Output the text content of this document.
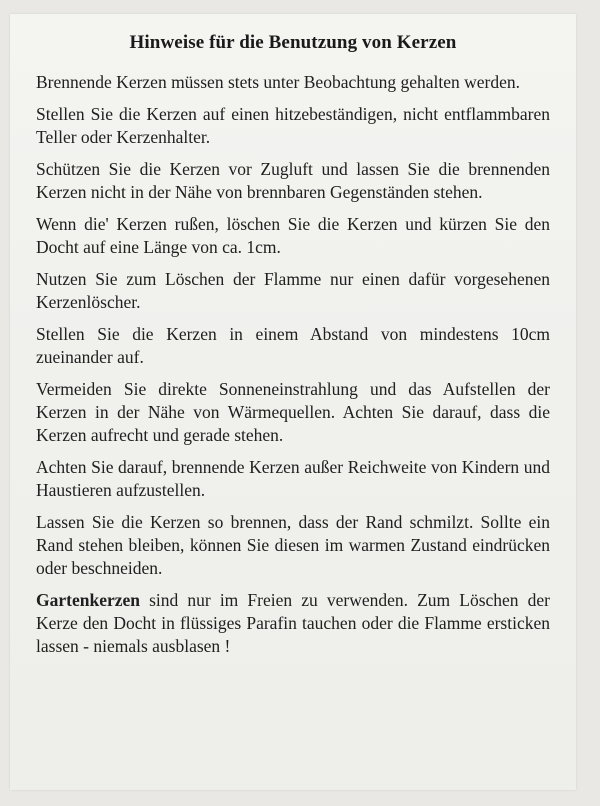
Hinweise für die Benutzung von Kerzen

Brennende Kerzen müssen stets unter Beobachtung gehalten werden.

Stellen Sie die Kerzen auf einen hitzebeständigen, nicht entflammbaren Teller oder Kerzenhalter.

Schützen Sie die Kerzen vor Zugluft und lassen Sie die brennenden Kerzen nicht in der Nähe von brennbaren Gegenständen stehen.

Wenn die' Kerzen rußen, löschen Sie die Kerzen und kürzen Sie den Docht auf eine Länge von ca. 1cm.

Nutzen Sie zum Löschen der Flamme nur einen dafür vorgesehenen Kerzenlöscher.

Stellen Sie die Kerzen in einem Abstand von mindestens 10cm zueinander auf.

Vermeiden Sie direkte Sonneneinstrahlung und das Aufstellen der Kerzen in der Nähe von Wärmequellen. Achten Sie darauf, dass die Kerzen aufrecht und gerade stehen.

Achten Sie darauf, brennende Kerzen außer Reichweite von Kindern und Haustieren aufzustellen.

Lassen Sie die Kerzen so brennen, dass der Rand schmilzt. Sollte ein Rand stehen bleiben, können Sie diesen im warmen Zustand eindrücken oder beschneiden.

Gartenkerzen sind nur im Freien zu verwenden. Zum Löschen der Kerze den Docht in flüssiges Parafin tauchen oder die Flamme ersticken lassen - niemals ausblasen !
